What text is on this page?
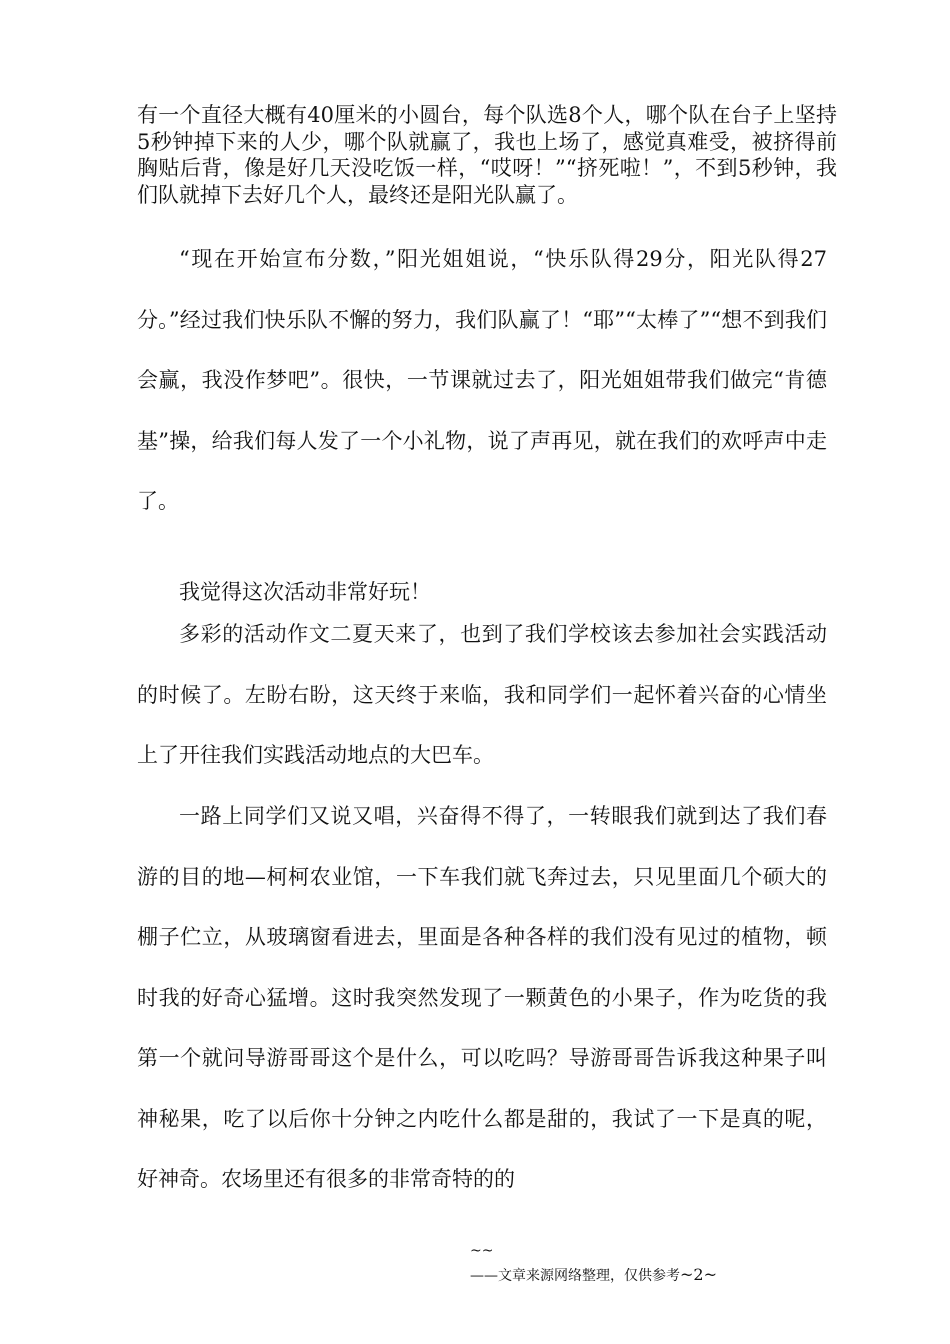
有一个直径大概有40厘米的小圆台，每个队选8个人，哪个队在台子上坚持5秒钟掉下来的人少，哪个队就赢了，我也上场了，感觉真难受，被挤得前胸贴后背，像是好几天没吃饭一样，“哎呀！”“挤死啦！”，不到5秒钟，我们队就掉下去好几个人，最终还是阳光队赢了。
“现在开始宣布分数，”阳光姐姐说，“快乐队得29分，阳光队得27分。”经过我们快乐队不懈的努力，我们队赢了！“耶”“太棒了”“想不到我们会赢，我没作梦吧”。很快，一节课就过去了，阳光姐姐带我们做完“肯德基”操，给我们每人发了一个小礼物，说了声再见，就在我们的欢呼声中走了。
我觉得这次活动非常好玩！
多彩的活动作文二夏天来了，也到了我们学校该去参加社会实践活动的时候了。左盼右盼，这天终于来临，我和同学们一起怀着兴奋的心情坐上了开往我们实践活动地点的大巴车。
一路上同学们又说又唱，兴奋得不得了，一转眼我们就到达了我们春游的目的地—柯柯农业馆，一下车我们就飞奔过去，只见里面几个硕大的棚子伫立，从玻璃窗看进去，里面是各种各样的我们没有见过的植物，顿时我的好奇心猛增。这时我突然发现了一颗黄色的小果子，作为吃货的我第一个就问导游哥哥这个是什么，可以吃吗？导游哥哥告诉我这种果子叫神秘果，吃了以后你十分钟之内吃什么都是甜的，我试了一下是真的呢，好神奇。农场里还有很多的非常奇特的的
~~
——文章来源网络整理，仅供参考~2~
